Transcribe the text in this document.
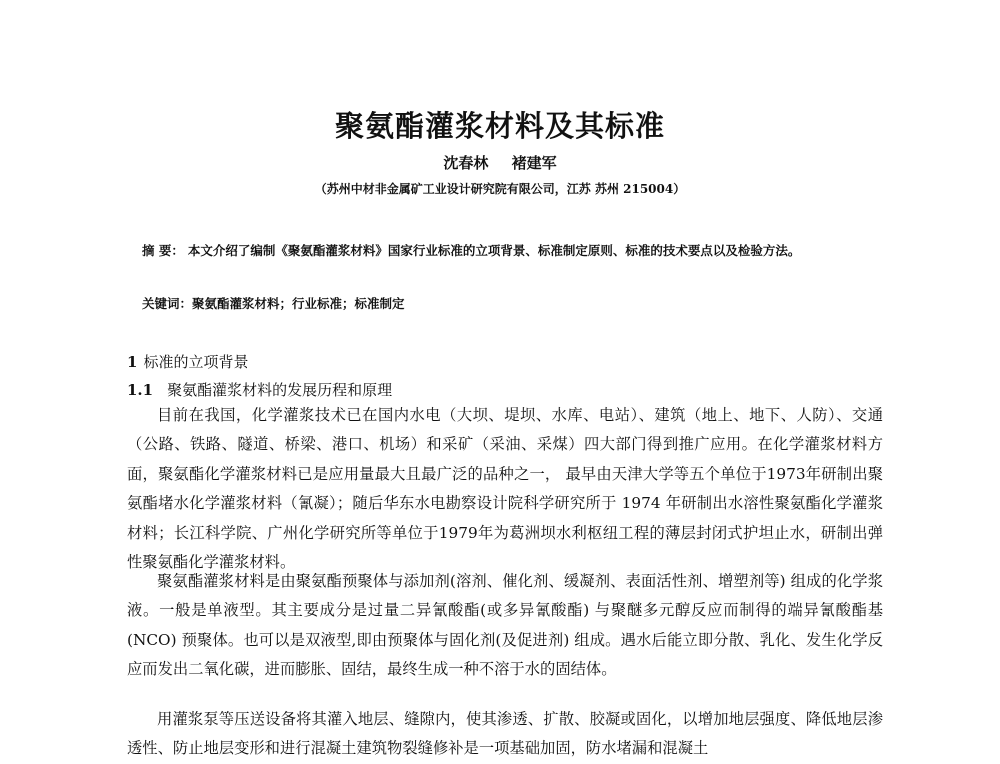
聚氨酯灌浆材料及其标准
沈春林 褚建军
（苏州中材非金属矿工业设计研究院有限公司，江苏 苏州 215004）
摘 要： 本文介绍了编制《聚氨酯灌浆材料》国家行业标准的立项背景、标准制定原则、标准的技术要点以及检验方法。
关键词：聚氨酯灌浆材料；行业标准；标准制定
1 标准的立项背景
1.1 聚氨酯灌浆材料的发展历程和原理
目前在我国，化学灌浆技术已在国内水电（大坝、堤坝、水库、电站）、建筑（地上、地下、人防）、交通（公路、铁路、隧道、桥梁、港口、机场）和采矿（采油、采煤）四大部门得到推广应用。在化学灌浆材料方面，聚氨酯化学灌浆材料已是应用量最大且最广泛的品种之一， 最早由天津大学等五个单位于1973年研制出聚氨酯堵水化学灌浆材料（氰凝）；随后华东水电勘察设计院科学研究所于 1974 年研制出水溶性聚氨酯化学灌浆材料；长江科学院、广州化学研究所等单位于1979年为葛洲坝水利枢纽工程的薄层封闭式护坦止水，研制出弹性聚氨酯化学灌浆材料。
聚氨酯灌浆材料是由聚氨酯预聚体与添加剂(溶剂、催化剂、缓凝剂、表面活性剂、增塑剂等) 组成的化学浆液。一般是单液型。其主要成分是过量二异氰酸酯(或多异氰酸酯) 与聚醚多元醇反应而制得的端异氰酸酯基(NCO) 预聚体。也可以是双液型,即由预聚体与固化剂(及促进剂) 组成。遇水后能立即分散、乳化、发生化学反应而发出二氧化碳，进而膨胀、固结，最终生成一种不溶于水的固结体。
用灌浆泵等压送设备将其灌入地层、缝隙内，使其渗透、扩散、胶凝或固化，以增加地层强度、降低地层渗透性、防止地层变形和进行混凝土建筑物裂缝修补是一项基础加固，防水堵漏和混凝土
